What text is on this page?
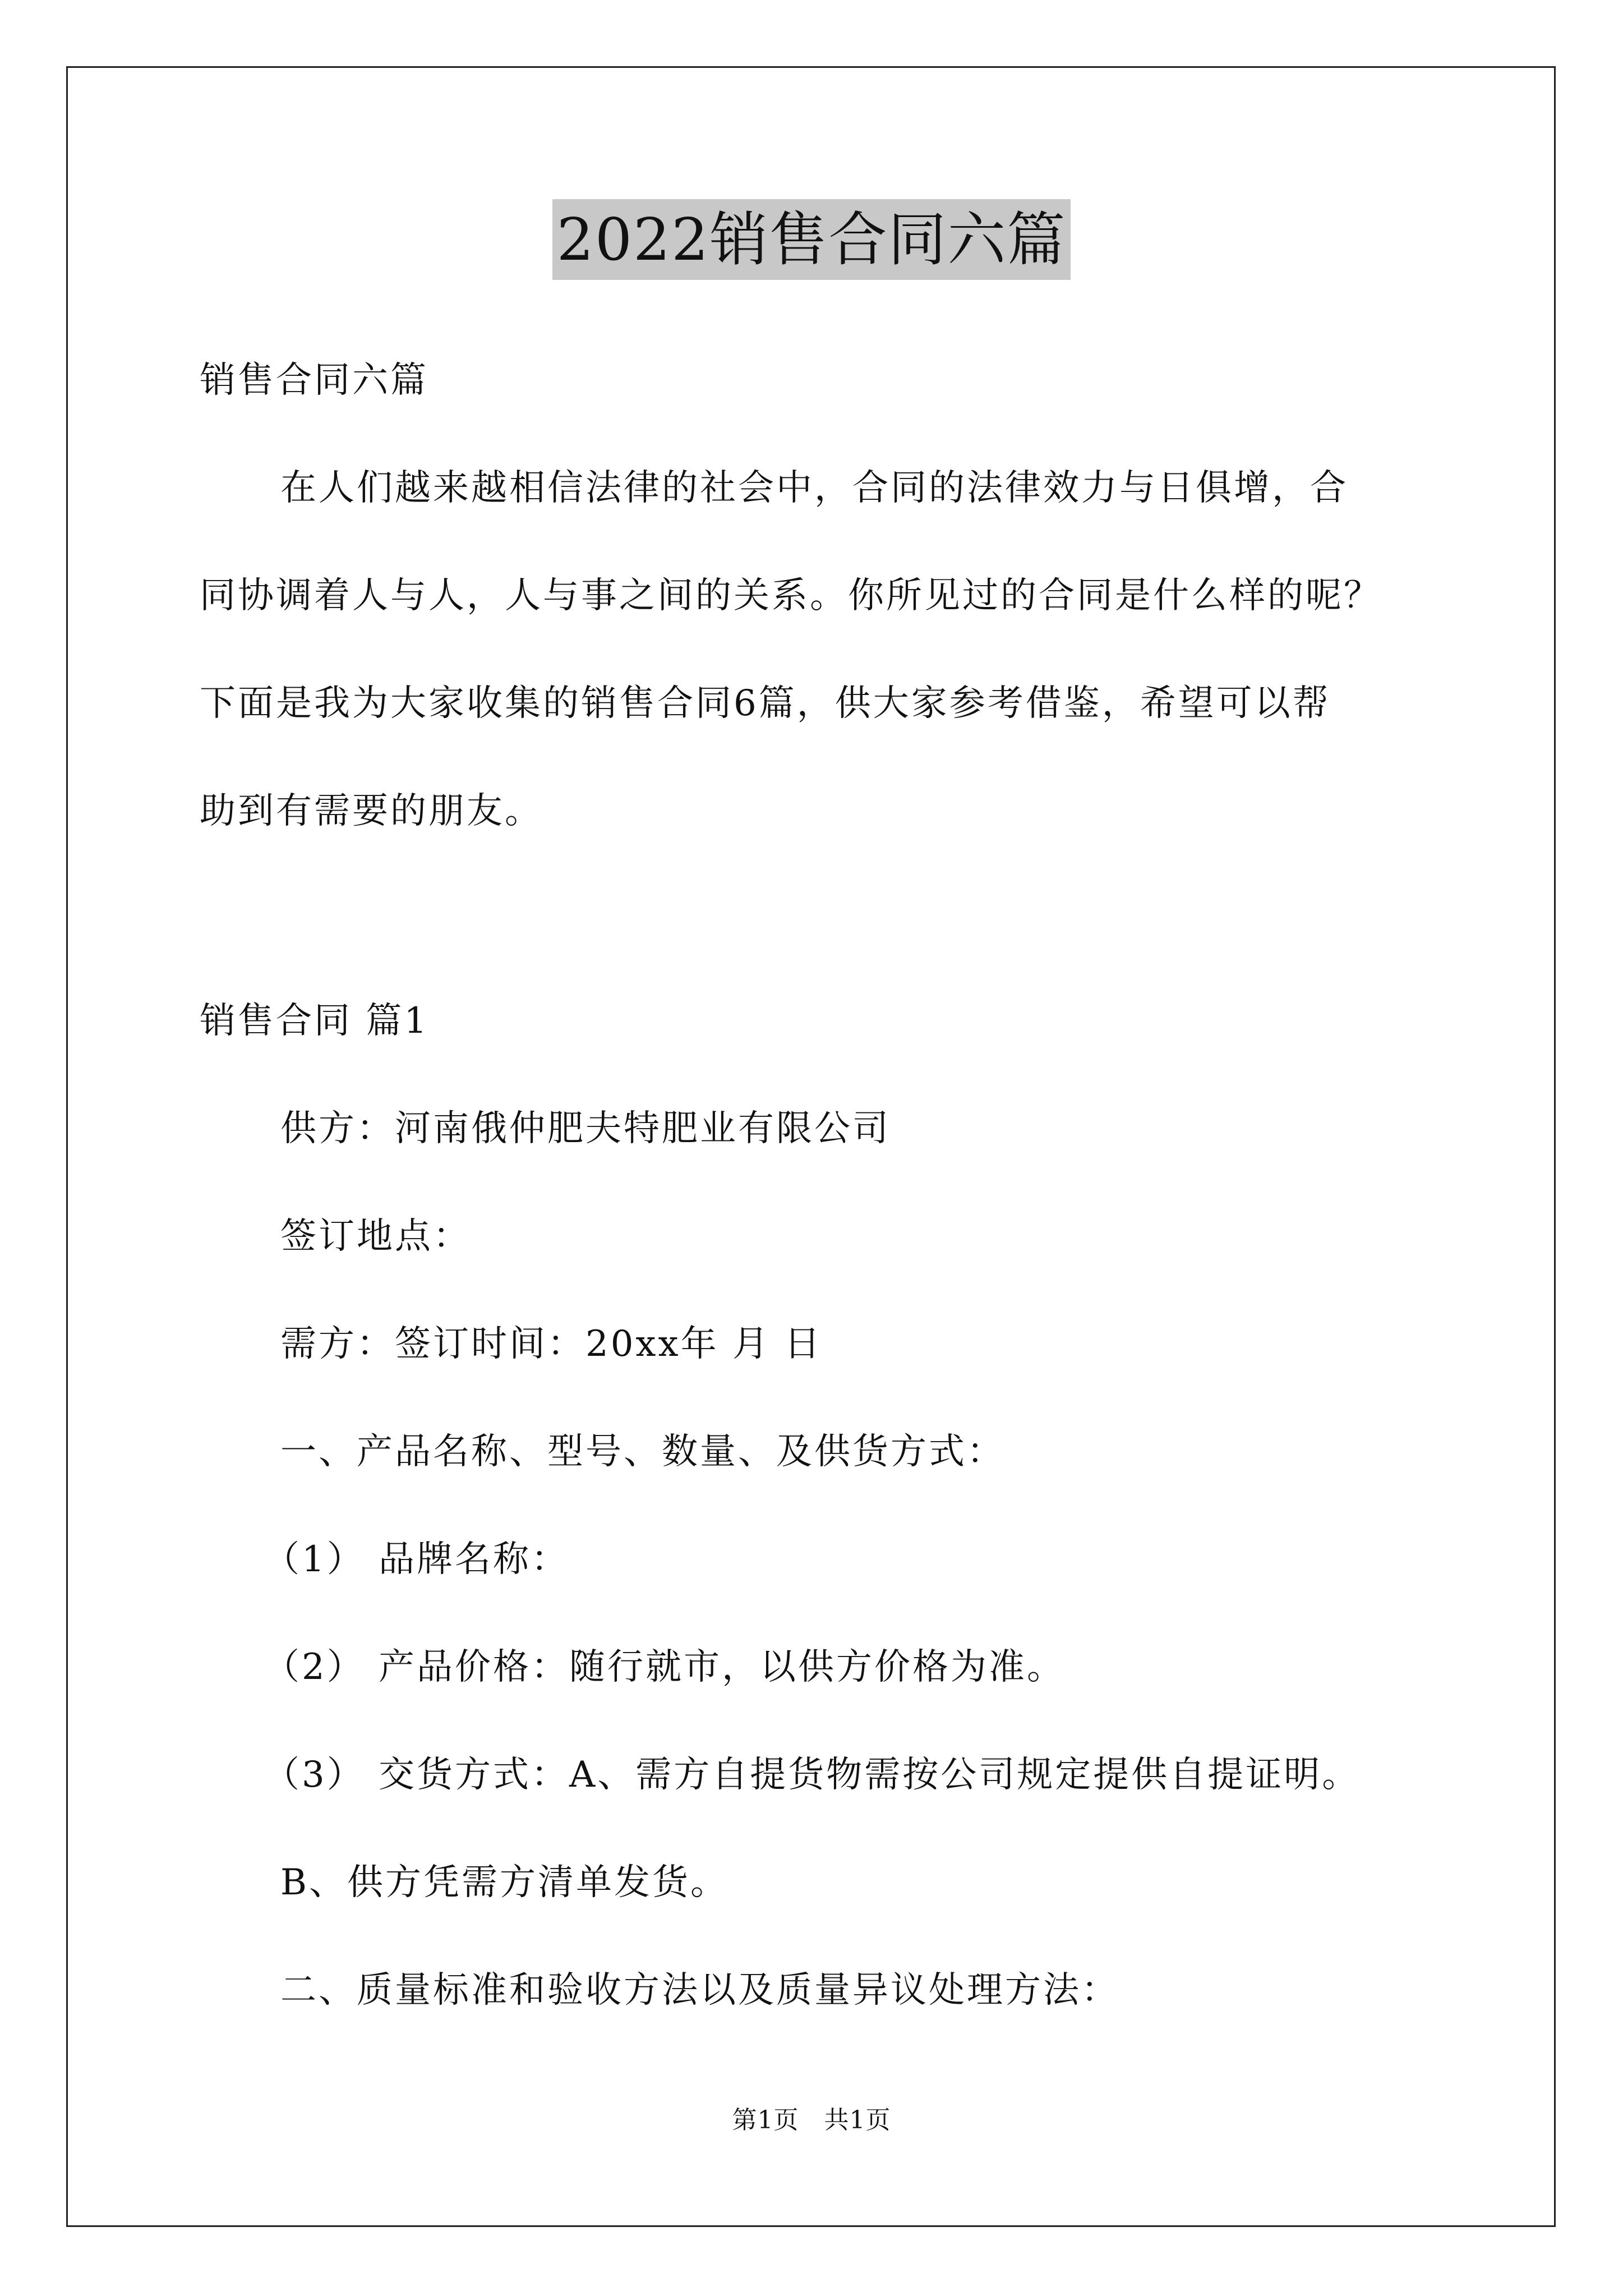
2022销售合同六篇
销售合同六篇
在人们越来越相信法律的社会中，合同的法律效力与日俱增，合
同协调着人与人，人与事之间的关系。你所见过的合同是什么样的呢？
下面是我为大家收集的销售合同6篇，供大家参考借鉴，希望可以帮
助到有需要的朋友。
销售合同 篇1
供方：河南俄仲肥夫特肥业有限公司
签订地点：
需方：签订时间：20xx年 月 日
一、产品名称、型号、数量、及供货方式：
（1） 品牌名称：
（2） 产品价格：随行就市，以供方价格为准。
（3） 交货方式：A、需方自提货物需按公司规定提供自提证明。
B、供方凭需方清单发货。
二、质量标准和验收方法以及质量异议处理方法：
第1页　共1页
